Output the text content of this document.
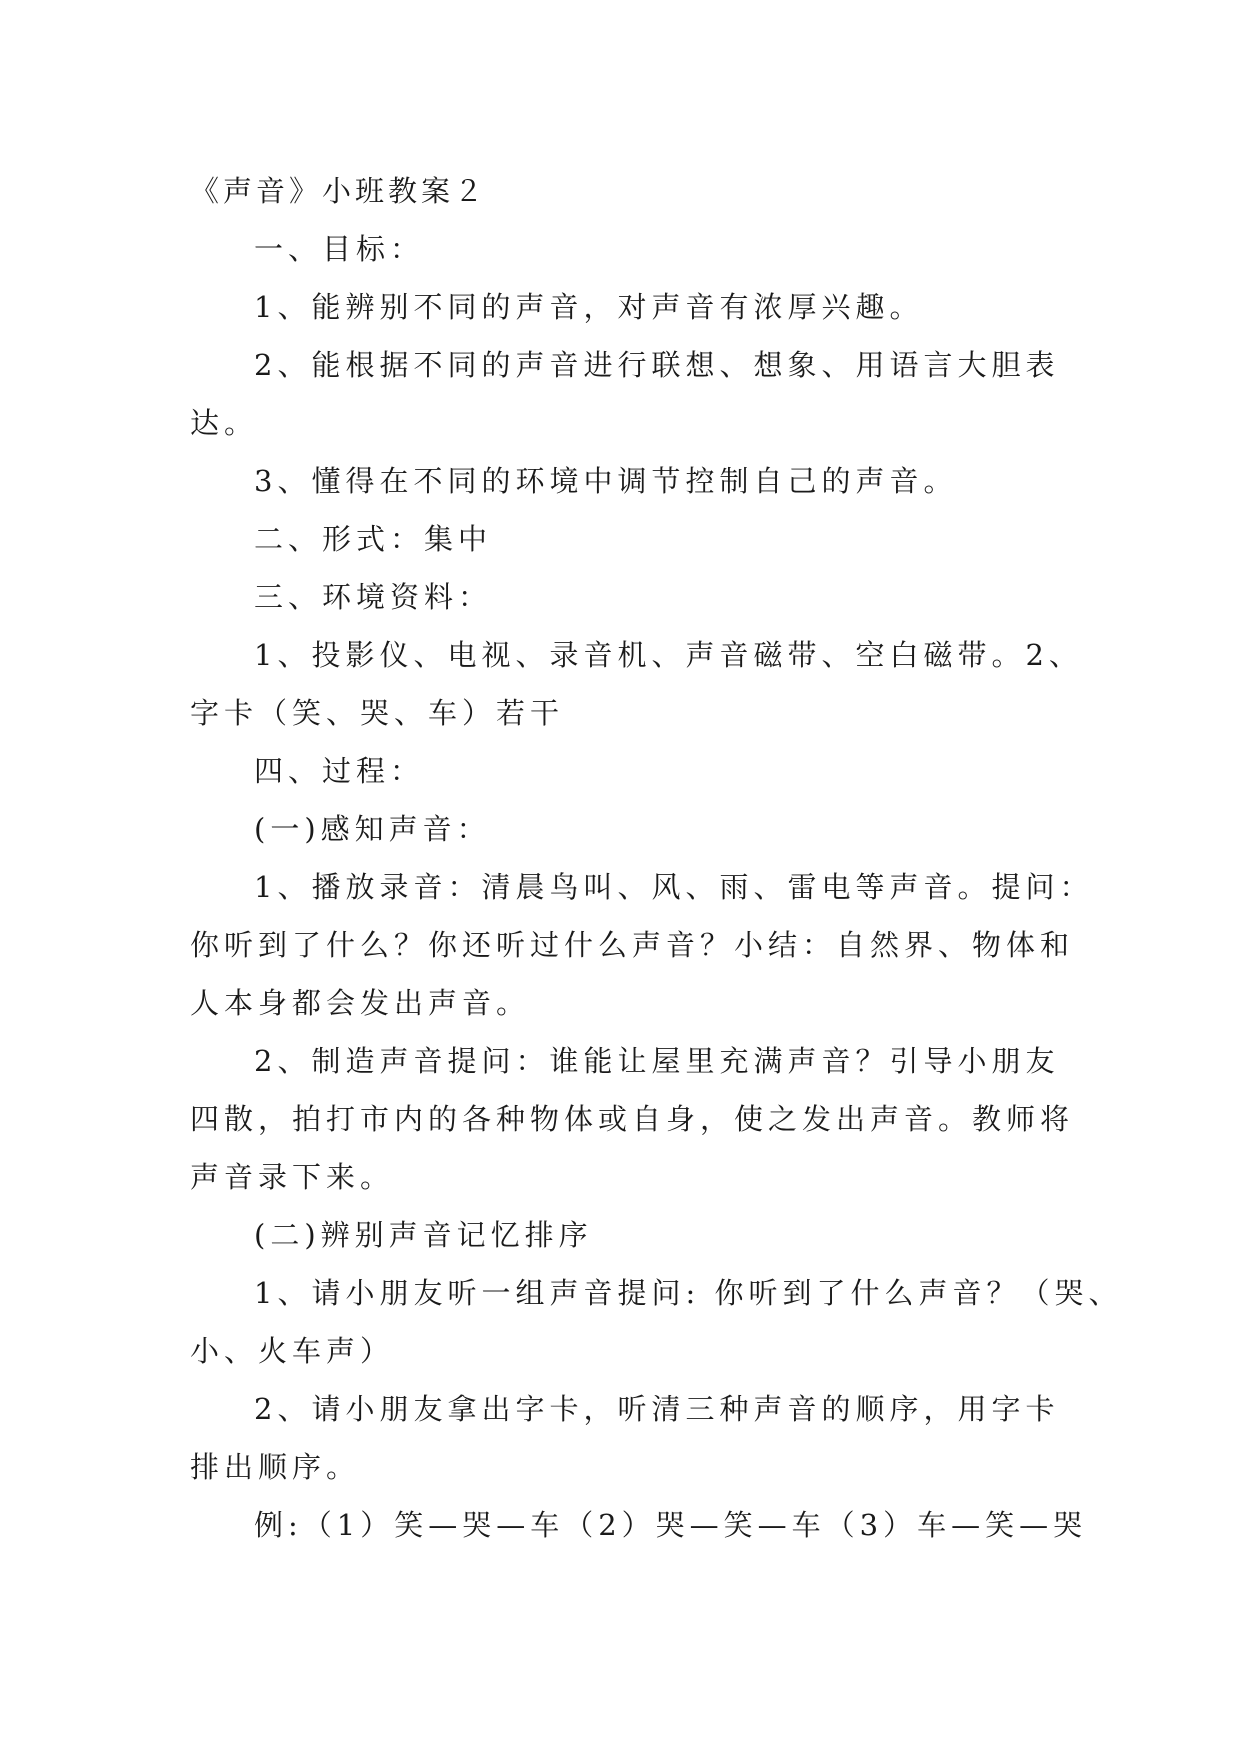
《声音》小班教案２
一、目标：
1、能辨别不同的声音，对声音有浓厚兴趣。
2、能根据不同的声音进行联想、想象、用语言大胆表
达。
3、懂得在不同的环境中调节控制自己的声音。
二、形式：集中
三、环境资料：
1、投影仪、电视、录音机、声音磁带、空白磁带。2、
字卡（笑、哭、车）若干
四、过程：
(一)感知声音：
1、播放录音：清晨鸟叫、风、雨、雷电等声音。提问：
你听到了什么？你还听过什么声音？小结：自然界、物体和
人本身都会发出声音。
2、制造声音提问：谁能让屋里充满声音？引导小朋友
四散，拍打市内的各种物体或自身，使之发出声音。教师将
声音录下来。
(二)辨别声音记忆排序
1、请小朋友听一组声音提问: 你听到了什么声音？（哭、
小、火车声）
2、请小朋友拿出字卡，听清三种声音的顺序，用字卡
排出顺序。
例:（1）笑—哭—车（2）哭—笑—车（3）车—笑—哭
